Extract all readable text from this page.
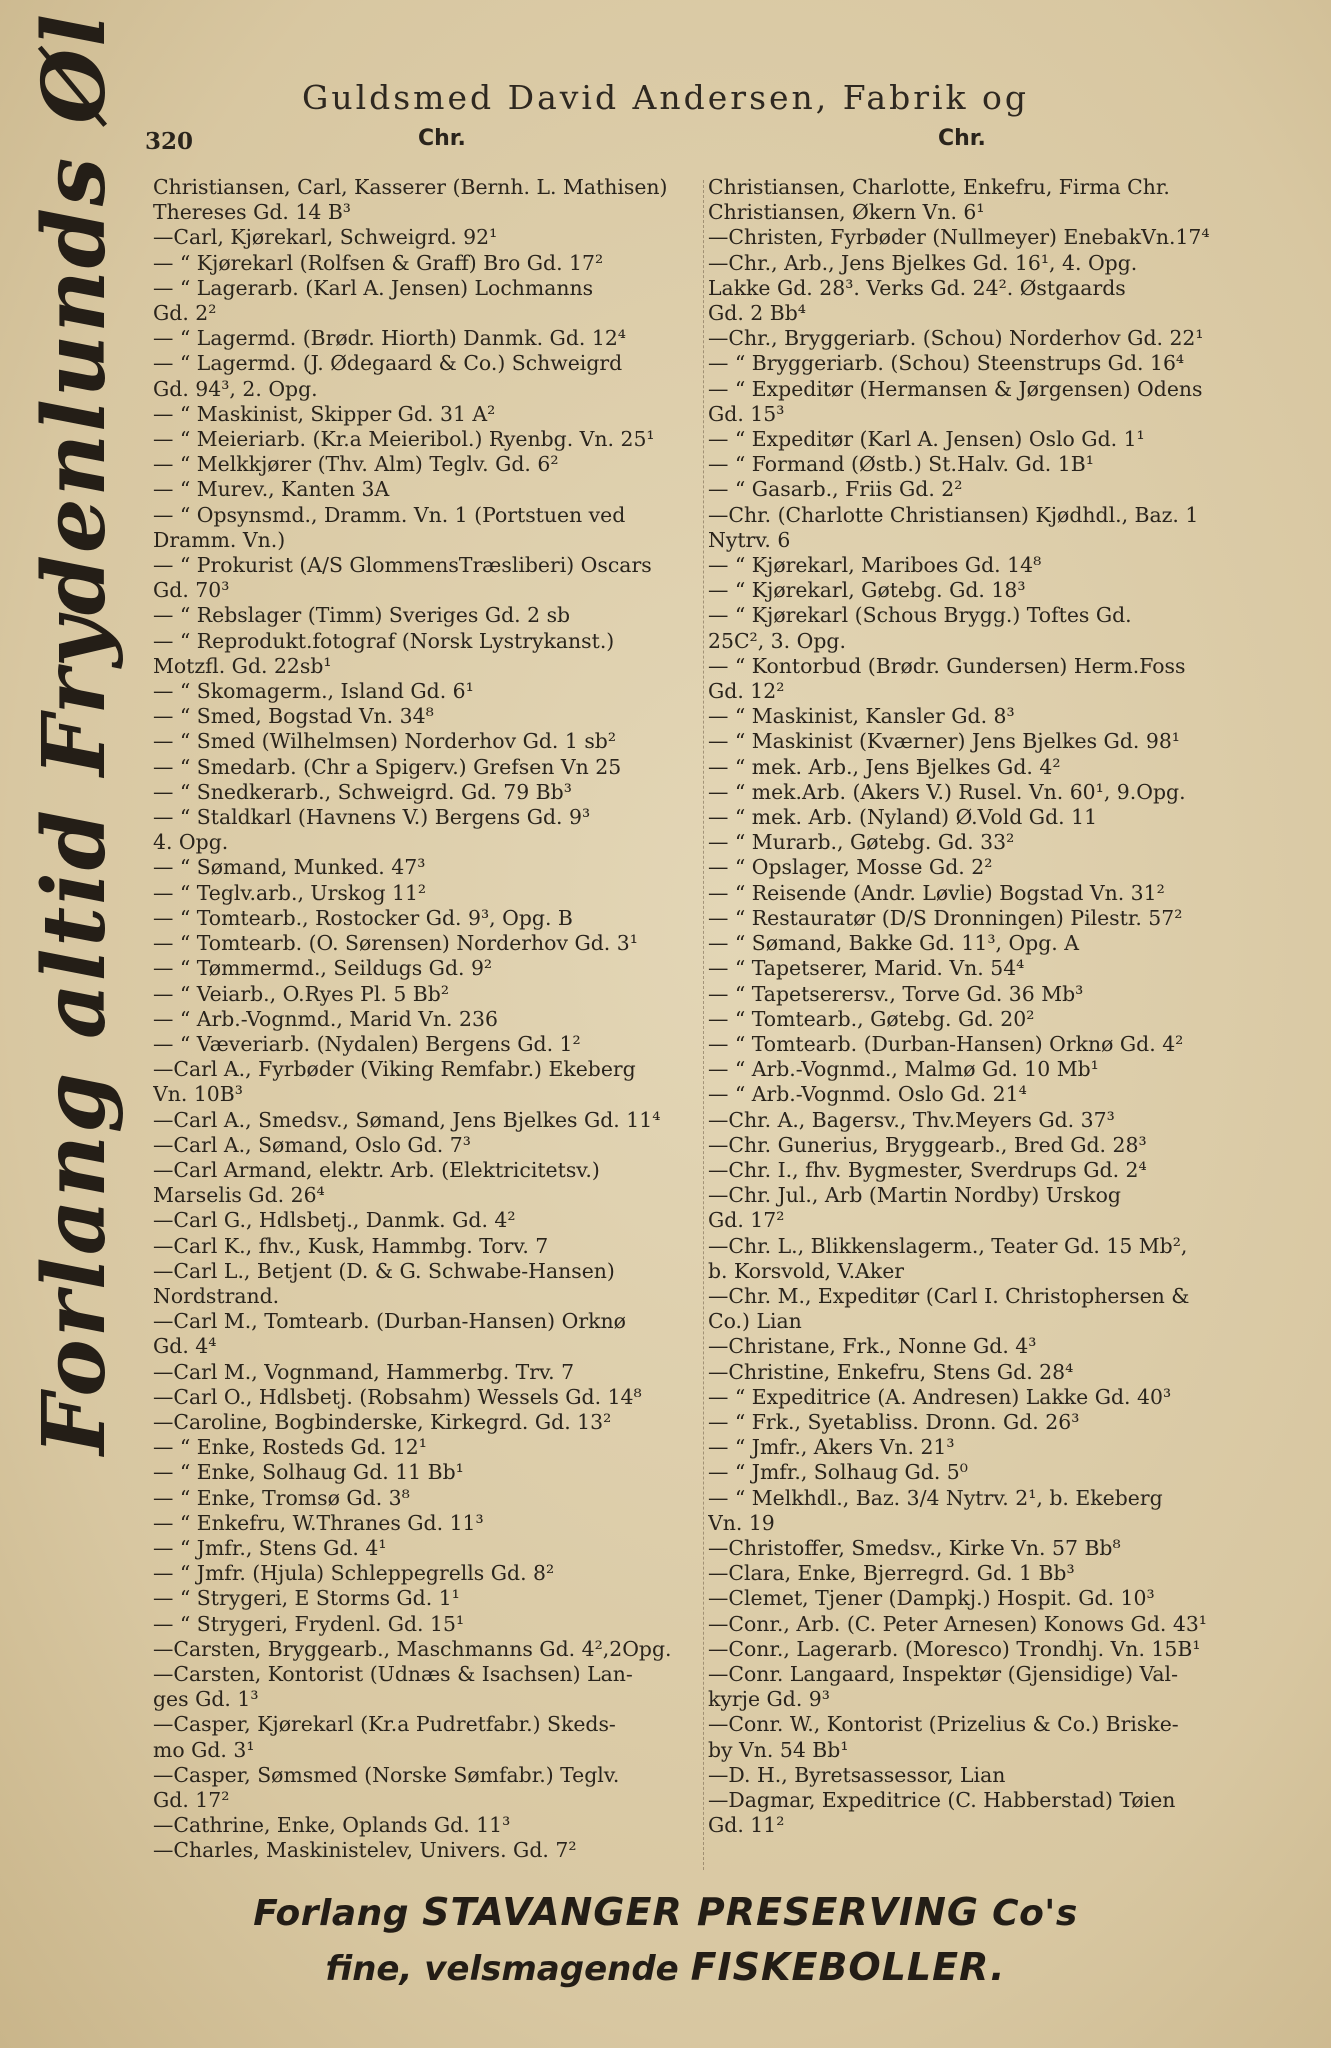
Guldsmed David Andersen, Fabrik og
320	Chr.	Chr.
Forlang altid Frydenlunds Øl Christiansen, Carl, Kasserer (Bernh. L. Mathisen)
Thereses Gd. 14 B³
—Carl, Kjørekarl, Schweigrd. 92¹
— “ Kjørekarl (Rolfsen & Graff) Bro Gd. 17²
— “ Lagerarb. (Karl A. Jensen) Lochmanns
Gd. 2²
— “ Lagermd. (Brødr. Hiorth) Danmk. Gd. 12⁴
— “ Lagermd. (J. Ødegaard & Co.) Schweigrd
Gd. 94³, 2. Opg.
— “ Maskinist, Skipper Gd. 31 A²
— “ Meieriarb. (Kr.a Meieribol.) Ryenbg. Vn. 25¹
— “ Melkkjører (Thv. Alm) Teglv. Gd. 6²
— “ Murev., Kanten 3A
— “ Opsynsmd., Dramm. Vn. 1 (Portstuen ved
Dramm. Vn.)
— “ Prokurist (A/S GlommensTræsliberi) Oscars
Gd. 70³
— “ Rebslager (Timm) Sveriges Gd. 2 sb
— “ Reprodukt.fotograf (Norsk Lystrykanst.)
Motzfl. Gd. 22sb¹
— “ Skomagerm., Island Gd. 6¹
— “ Smed, Bogstad Vn. 34⁸
— “ Smed (Wilhelmsen) Norderhov Gd. 1 sb²
— “ Smedarb. (Chr a Spigerv.) Grefsen Vn 25
— “ Snedkerarb., Schweigrd. Gd. 79 Bb³
— “ Staldkarl (Havnens V.) Bergens Gd. 9³
4. Opg.
— “ Sømand, Munked. 47³
— “ Teglv.arb., Urskog 11²
— “ Tomtearb., Rostocker Gd. 9³, Opg. B
— “ Tomtearb. (O. Sørensen) Norderhov Gd. 3¹
— “ Tømmermd., Seildugs Gd. 9²
— “ Veiarb., O.Ryes Pl. 5 Bb²
— “ Arb.-Vognmd., Marid Vn. 236
— “ Væveriarb. (Nydalen) Bergens Gd. 1²
—Carl A., Fyrbøder (Viking Remfabr.) Ekeberg
Vn. 10B³
—Carl A., Smedsv., Sømand, Jens Bjelkes Gd. 11⁴
—Carl A., Sømand, Oslo Gd. 7³
—Carl Armand, elektr. Arb. (Elektricitetsv.)
Marselis Gd. 26⁴
—Carl G., Hdlsbetj., Danmk. Gd. 4²
—Carl K., fhv., Kusk, Hammbg. Torv. 7
—Carl L., Betjent (D. & G. Schwabe-Hansen)
Nordstrand.
—Carl M., Tomtearb. (Durban-Hansen) Orknø
Gd. 4⁴
—Carl M., Vognmand, Hammerbg. Trv. 7
—Carl O., Hdlsbetj. (Robsahm) Wessels Gd. 14⁸
—Caroline, Bogbinderske, Kirkegrd. Gd. 13²
— “ Enke, Rosteds Gd. 12¹
— “ Enke, Solhaug Gd. 11 Bb¹
— “ Enke, Tromsø Gd. 3⁸
— “ Enkefru, W.Thranes Gd. 11³
— “ Jmfr., Stens Gd. 4¹
— “ Jmfr. (Hjula) Schleppegrells Gd. 8²
— “ Strygeri, E Storms Gd. 1¹
— “ Strygeri, Frydenl. Gd. 15¹
—Carsten, Bryggearb., Maschmanns Gd. 4²,2Opg.
—Carsten, Kontorist (Udnæs & Isachsen) Lan-
ges Gd. 1³
—Casper, Kjørekarl (Kr.a Pudretfabr.) Skeds-
mo Gd. 3¹
—Casper, Sømsmed (Norske Sømfabr.) Teglv.
Gd. 17²
—Cathrine, Enke, Oplands Gd. 11³
—Charles, Maskinistelev, Univers. Gd. 7²
Christiansen, Charlotte, Enkefru, Firma Chr.
Christiansen, Økern Vn. 6¹
—Christen, Fyrbøder (Nullmeyer) EnebakVn.17⁴
—Chr., Arb., Jens Bjelkes Gd. 16¹, 4. Opg.
Lakke Gd. 28³. Verks Gd. 24². Østgaards
Gd. 2 Bb⁴
—Chr., Bryggeriarb. (Schou) Norderhov Gd. 22¹
— “ Bryggeriarb. (Schou) Steenstrups Gd. 16⁴
— “ Expeditør (Hermansen & Jørgensen) Odens
Gd. 15³
— “ Expeditør (Karl A. Jensen) Oslo Gd. 1¹
— “ Formand (Østb.) St.Halv. Gd. 1B¹
— “ Gasarb., Friis Gd. 2²
—Chr. (Charlotte Christiansen) Kjødhdl., Baz. 1
Nytrv. 6
— “ Kjørekarl, Mariboes Gd. 14⁸
— “ Kjørekarl, Gøtebg. Gd. 18³
— “ Kjørekarl (Schous Brygg.) Toftes Gd.
25C², 3. Opg.
— “ Kontorbud (Brødr. Gundersen) Herm.Foss
Gd. 12²
— “ Maskinist, Kansler Gd. 8³
— “ Maskinist (Kværner) Jens Bjelkes Gd. 98¹
— “ mek. Arb., Jens Bjelkes Gd. 4²
— “ mek.Arb. (Akers V.) Rusel. Vn. 60¹, 9.Opg.
— “ mek. Arb. (Nyland) Ø.Vold Gd. 11
— “ Murarb., Gøtebg. Gd. 33²
— “ Opslager, Mosse Gd. 2²
— “ Reisende (Andr. Løvlie) Bogstad Vn. 31²
— “ Restauratør (D/S Dronningen) Pilestr. 57²
— “ Sømand, Bakke Gd. 11³, Opg. A
— “ Tapetserer, Marid. Vn. 54⁴
— “ Tapetserersv., Torve Gd. 36 Mb³
— “ Tomtearb., Gøtebg. Gd. 20²
— “ Tomtearb. (Durban-Hansen) Orknø Gd. 4²
— “ Arb.-Vognmd., Malmø Gd. 10 Mb¹
— “ Arb.-Vognmd. Oslo Gd. 21⁴
—Chr. A., Bagersv., Thv.Meyers Gd. 37³
—Chr. Gunerius, Bryggearb., Bred Gd. 28³
—Chr. I., fhv. Bygmester, Sverdrups Gd. 2⁴
—Chr. Jul., Arb (Martin Nordby) Urskog
Gd. 17²
—Chr. L., Blikkenslagerm., Teater Gd. 15 Mb²,
b. Korsvold, V.Aker
—Chr. M., Expeditør (Carl I. Christophersen &
Co.) Lian
—Christane, Frk., Nonne Gd. 4³
—Christine, Enkefru, Stens Gd. 28⁴
— “ Expeditrice (A. Andresen) Lakke Gd. 40³
— “ Frk., Syetabliss. Dronn. Gd. 26³
— “ Jmfr., Akers Vn. 21³
— “ Jmfr., Solhaug Gd. 5⁰
— “ Melkhdl., Baz. 3/4 Nytrv. 2¹, b. Ekeberg
Vn. 19
—Christoffer, Smedsv., Kirke Vn. 57 Bb⁸
—Clara, Enke, Bjerregrd. Gd. 1 Bb³
—Clemet, Tjener (Dampkj.) Hospit. Gd. 10³
—Conr., Arb. (C. Peter Arnesen) Konows Gd. 43¹
—Conr., Lagerarb. (Moresco) Trondhj. Vn. 15B¹
—Conr. Langaard, Inspektør (Gjensidige) Val-
kyrje Gd. 9³
—Conr. W., Kontorist (Prizelius & Co.) Briske-
by Vn. 54 Bb¹
—D. H., Byretsassessor, Lian
—Dagmar, Expeditrice (C. Habberstad) Tøien
Gd. 11²
Forlang STAVANGER PRESERVING Co's
fine, velsmagende FISKEBOLLER.
